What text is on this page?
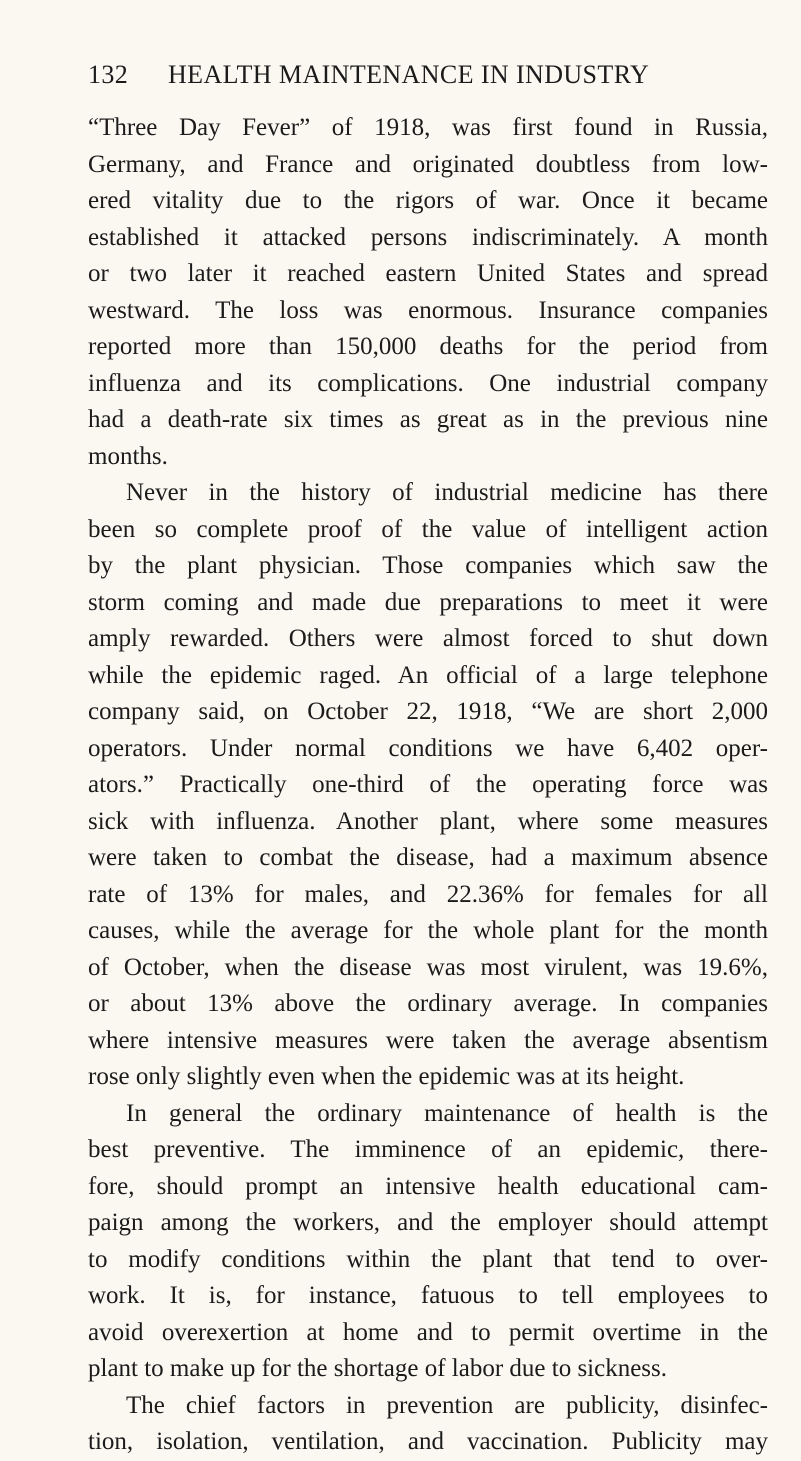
132 HEALTH MAINTENANCE IN INDUSTRY
“Three Day Fever” of 1918, was first found in Russia,
Germany, and France and originated doubtless from low-
ered vitality due to the rigors of war. Once it became
established it attacked persons indiscriminately. A month
or two later it reached eastern United States and spread
westward. The loss was enormous. Insurance companies
reported more than 150,000 deaths for the period from
influenza and its complications. One industrial company
had a death-rate six times as great as in the previous nine
months.
Never in the history of industrial medicine has there
been so complete proof of the value of intelligent action
by the plant physician. Those companies which saw the
storm coming and made due preparations to meet it were
amply rewarded. Others were almost forced to shut down
while the epidemic raged. An official of a large telephone
company said, on October 22, 1918, “We are short 2,000
operators. Under normal conditions we have 6,402 oper-
ators.” Practically one-third of the operating force was
sick with influenza. Another plant, where some measures
were taken to combat the disease, had a maximum absence
rate of 13% for males, and 22.36% for females for all
causes, while the average for the whole plant for the month
of October, when the disease was most virulent, was 19.6%,
or about 13% above the ordinary average. In companies
where intensive measures were taken the average absentism
rose only slightly even when the epidemic was at its height.
In general the ordinary maintenance of health is the
best preventive. The imminence of an epidemic, there-
fore, should prompt an intensive health educational cam-
paign among the workers, and the employer should attempt
to modify conditions within the plant that tend to over-
work. It is, for instance, fatuous to tell employees to
avoid overexertion at home and to permit overtime in the
plant to make up for the shortage of labor due to sickness.
The chief factors in prevention are publicity, disinfec-
tion, isolation, ventilation, and vaccination. Publicity may
